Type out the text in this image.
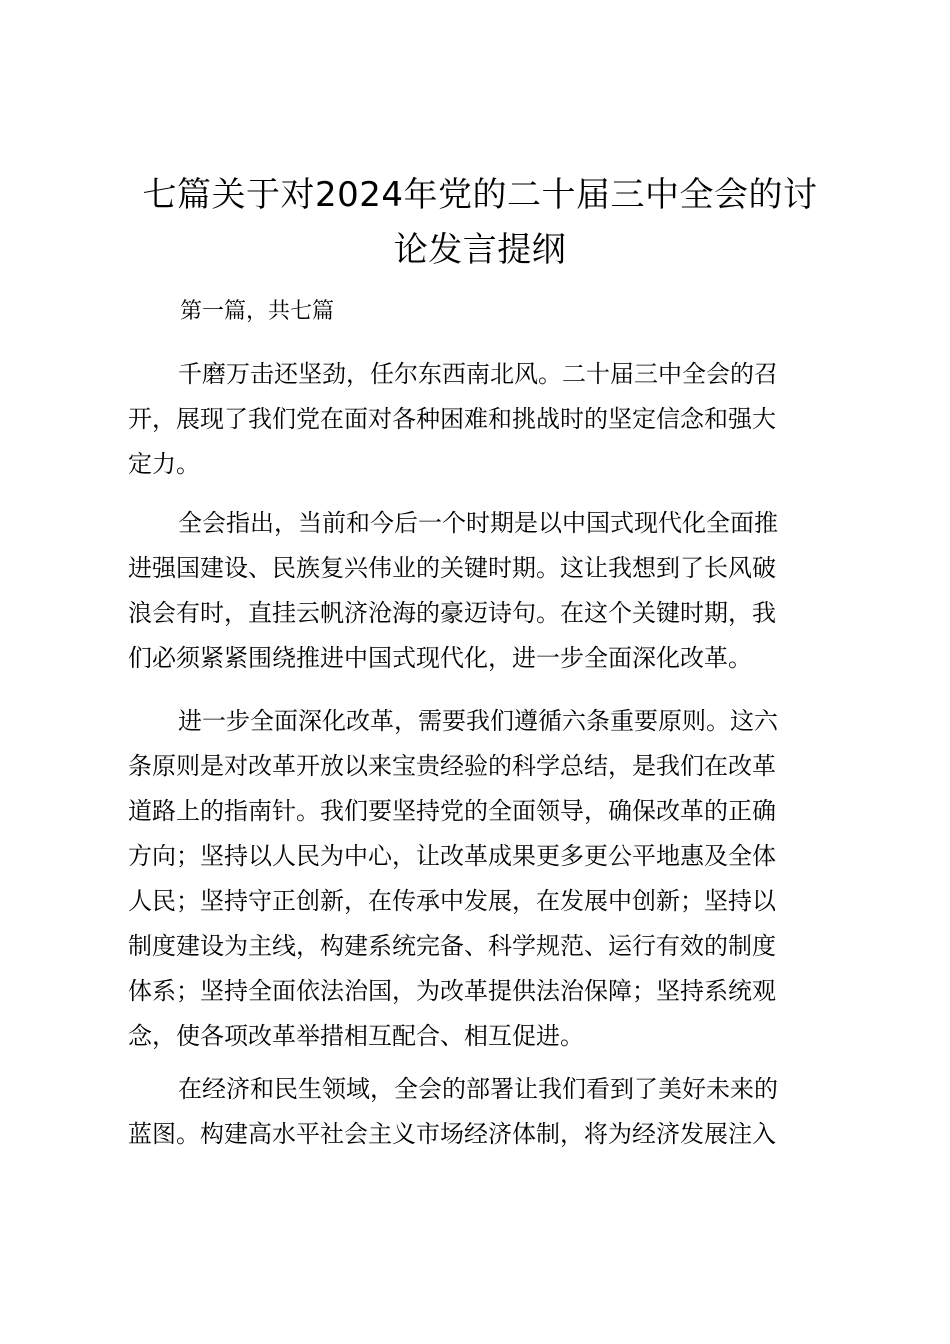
七篇关于对2024年党的二十届三中全会的讨
论发言提纲

第一篇，共七篇

千磨万击还坚劲，任尔东西南北风。二十届三中全会的召
开，展现了我们党在面对各种困难和挑战时的坚定信念和强大
定力。
全会指出，当前和今后一个时期是以中国式现代化全面推
进强国建设、民族复兴伟业的关键时期。这让我想到了长风破
浪会有时，直挂云帆济沧海的豪迈诗句。在这个关键时期，我
们必须紧紧围绕推进中国式现代化，进一步全面深化改革。
进一步全面深化改革，需要我们遵循六条重要原则。这六
条原则是对改革开放以来宝贵经验的科学总结，是我们在改革
道路上的指南针。我们要坚持党的全面领导，确保改革的正确
方向；坚持以人民为中心，让改革成果更多更公平地惠及全体
人民；坚持守正创新，在传承中发展，在发展中创新；坚持以
制度建设为主线，构建系统完备、科学规范、运行有效的制度
体系；坚持全面依法治国，为改革提供法治保障；坚持系统观
念，使各项改革举措相互配合、相互促进。
在经济和民生领域，全会的部署让我们看到了美好未来的
蓝图。构建高水平社会主义市场经济体制，将为经济发展注入
